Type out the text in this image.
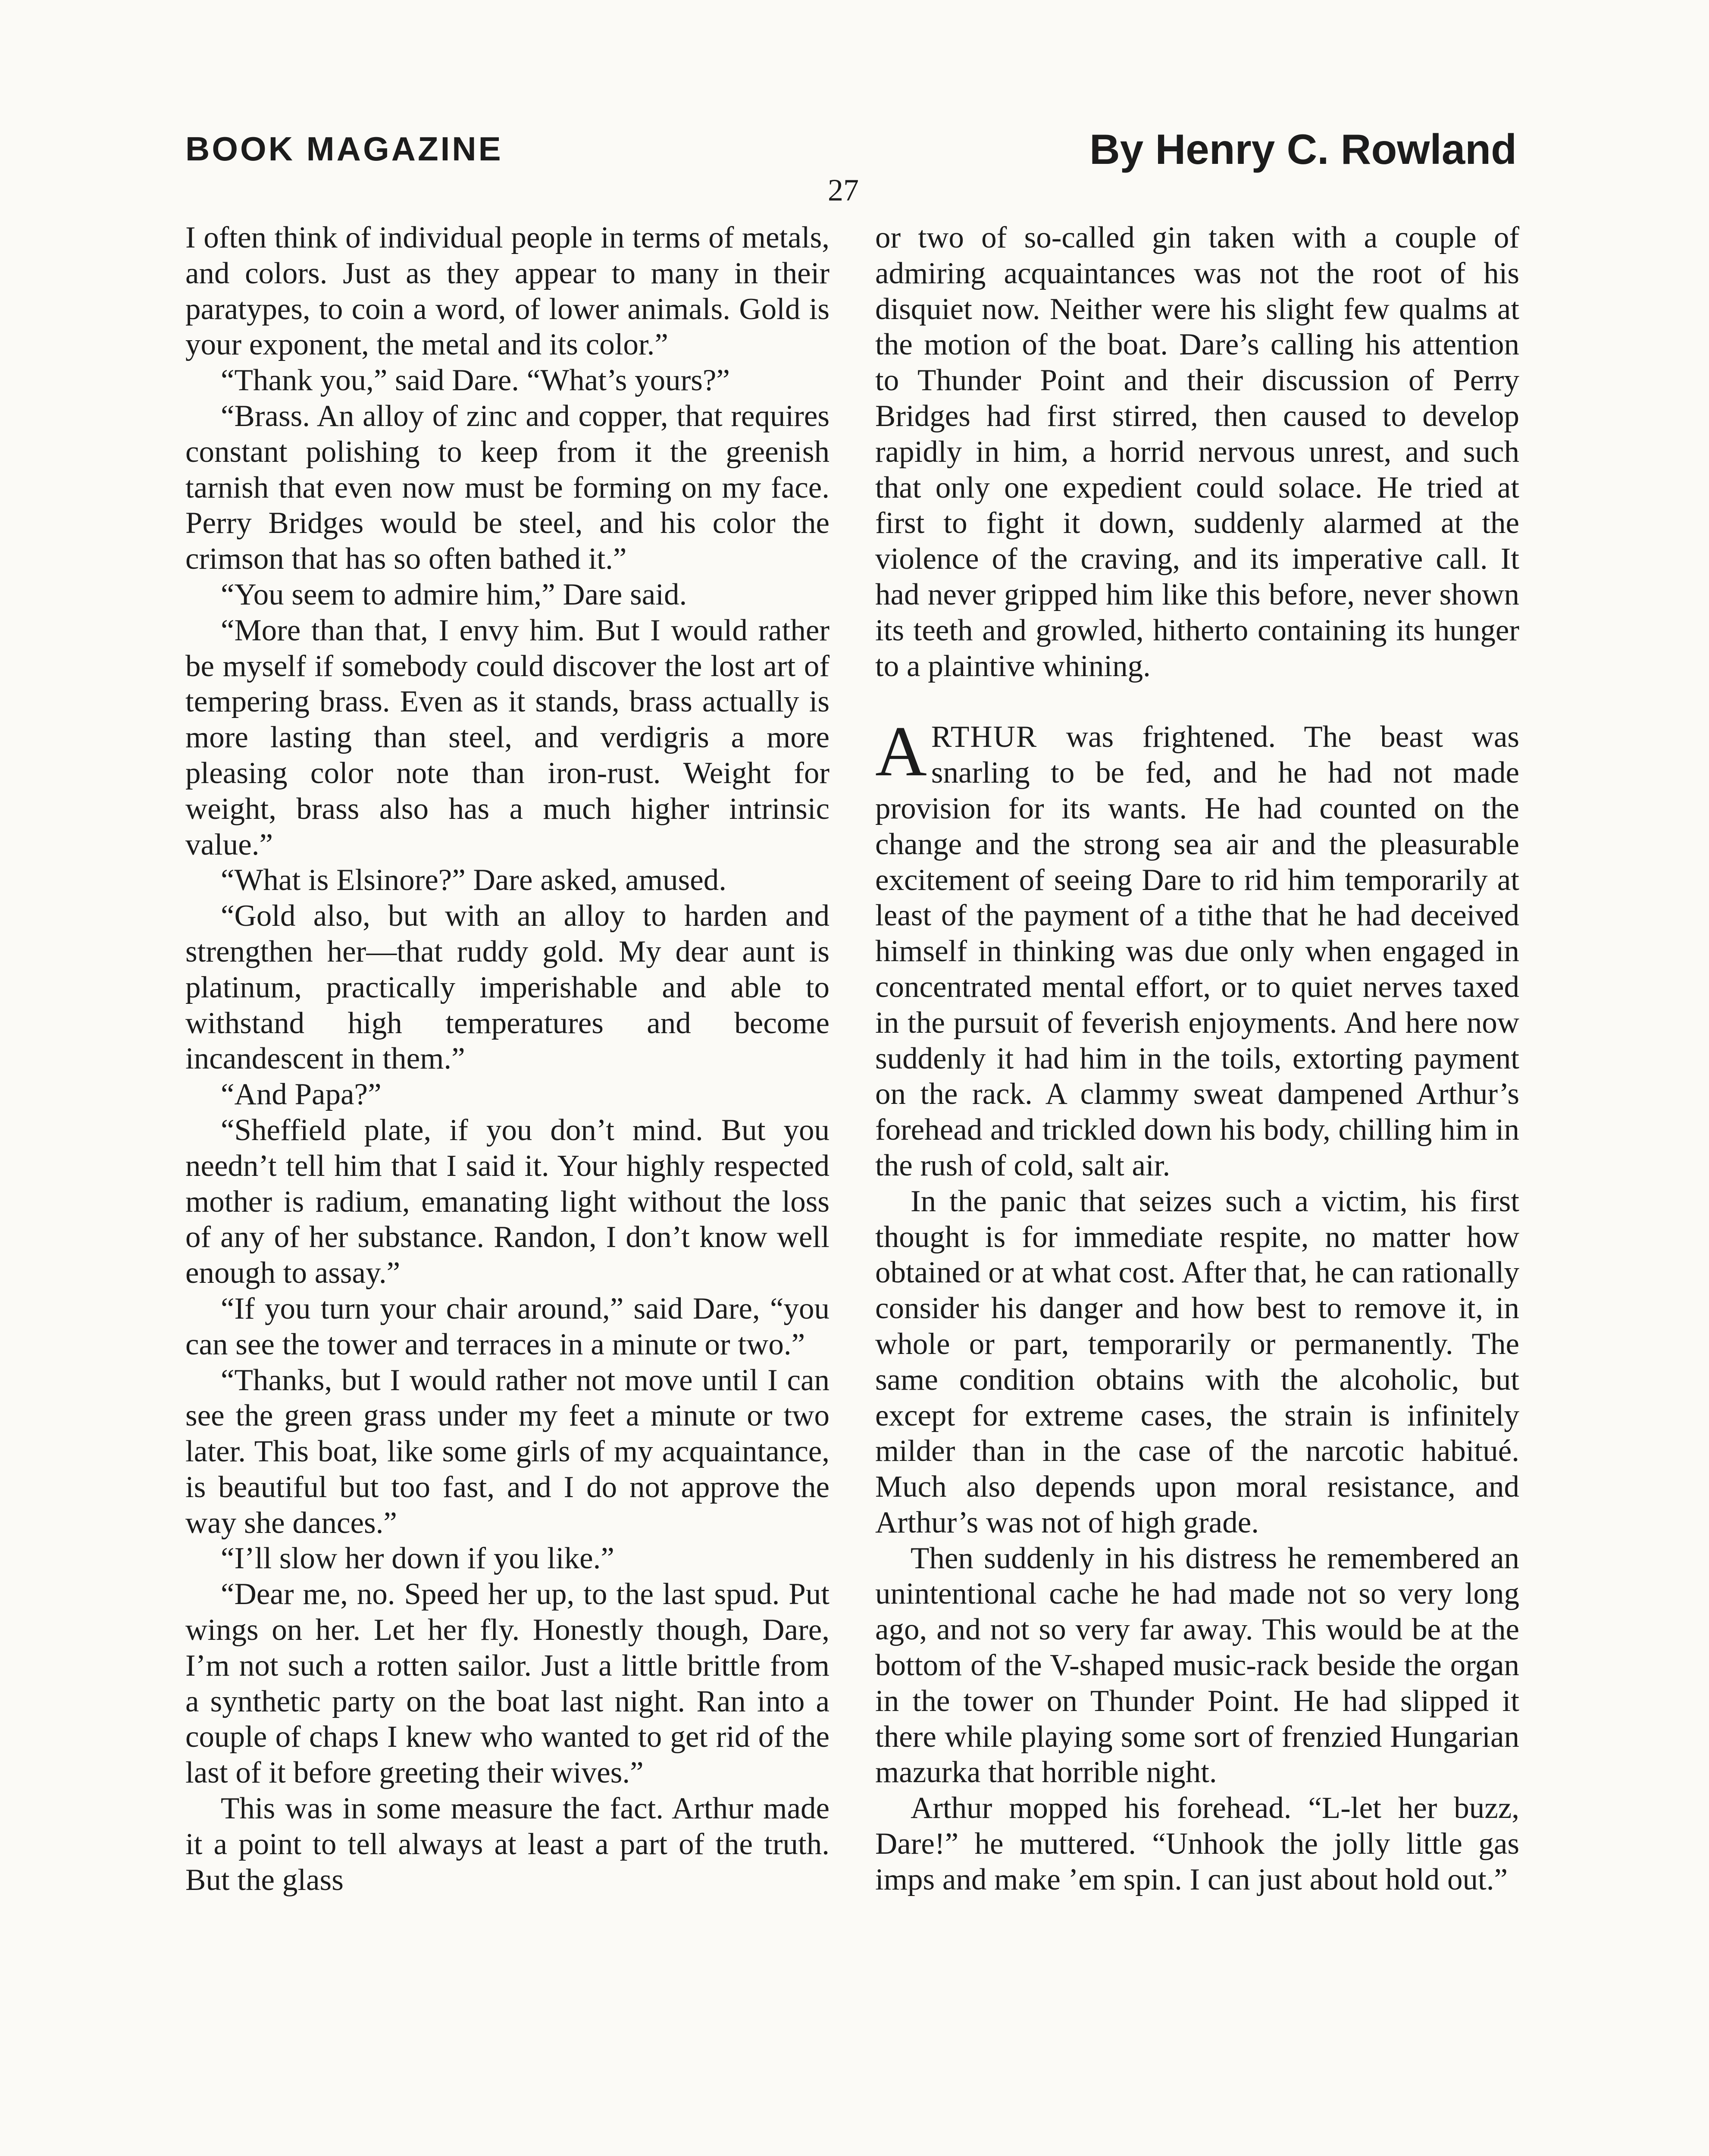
BOOK MAGAZINE	By Henry C. Rowland
27

I often think of individual people in terms of metals, and colors. Just as they appear to many in their paratypes, to coin a word, of lower animals. Gold is your exponent, the metal and its color.”

“Thank you,” said Dare. “What’s yours?”

“Brass. An alloy of zinc and copper, that requires constant polishing to keep from it the greenish tarnish that even now must be forming on my face. Perry Bridges would be steel, and his color the crimson that has so often bathed it.”

“You seem to admire him,” Dare said.

“More than that, I envy him. But I would rather be myself if somebody could discover the lost art of tempering brass. Even as it stands, brass actually is more lasting than steel, and verdigris a more pleasing color note than iron-rust. Weight for weight, brass also has a much higher intrinsic value.”

“What is Elsinore?” Dare asked, amused.

“Gold also, but with an alloy to harden and strengthen her—that ruddy gold. My dear aunt is platinum, practically imperishable and able to withstand high temperatures and become incandescent in them.”

“And Papa?”

“Sheffield plate, if you don’t mind. But you needn’t tell him that I said it. Your highly respected mother is radium, emanating light without the loss of any of her substance. Randon, I don’t know well enough to assay.”

“If you turn your chair around,” said Dare, “you can see the tower and terraces in a minute or two.”

“Thanks, but I would rather not move until I can see the green grass under my feet a minute or two later. This boat, like some girls of my acquaintance, is beautiful but too fast, and I do not approve the way she dances.”

“I’ll slow her down if you like.”

“Dear me, no. Speed her up, to the last spud. Put wings on her. Let her fly. Honestly though, Dare, I’m not such a rotten sailor. Just a little brittle from a synthetic party on the boat last night. Ran into a couple of chaps I knew who wanted to get rid of the last of it before greeting their wives.”

This was in some measure the fact. Arthur made it a point to tell always at least a part of the truth. But the glass

or two of so-called gin taken with a couple of admiring acquaintances was not the root of his disquiet now. Neither were his slight few qualms at the motion of the boat. Dare’s calling his attention to Thunder Point and their discussion of Perry Bridges had first stirred, then caused to develop rapidly in him, a horrid nervous unrest, and such that only one expedient could solace. He tried at first to fight it down, suddenly alarmed at the violence of the craving, and its imperative call. It had never gripped him like this before, never shown its teeth and growled, hitherto containing its hunger to a plaintive whining.

ARTHUR was frightened. The beast was snarling to be fed, and he had not made provision for its wants. He had counted on the change and the strong sea air and the pleasurable excitement of seeing Dare to rid him temporarily at least of the payment of a tithe that he had deceived himself in thinking was due only when engaged in concentrated mental effort, or to quiet nerves taxed in the pursuit of feverish enjoyments. And here now suddenly it had him in the toils, extorting payment on the rack. A clammy sweat dampened Arthur’s forehead and trickled down his body, chilling him in the rush of cold, salt air.

In the panic that seizes such a victim, his first thought is for immediate respite, no matter how obtained or at what cost. After that, he can rationally consider his danger and how best to remove it, in whole or part, temporarily or permanently. The same condition obtains with the alcoholic, but except for extreme cases, the strain is infinitely milder than in the case of the narcotic habitué. Much also depends upon moral resistance, and Arthur’s was not of high grade.

Then suddenly in his distress he remembered an unintentional cache he had made not so very long ago, and not so very far away. This would be at the bottom of the V-shaped music-rack beside the organ in the tower on Thunder Point. He had slipped it there while playing some sort of frenzied Hungarian mazurka that horrible night.

Arthur mopped his forehead. “L-let her buzz, Dare!” he muttered. “Unhook the jolly little gas imps and make ’em spin. I can just about hold out.”
